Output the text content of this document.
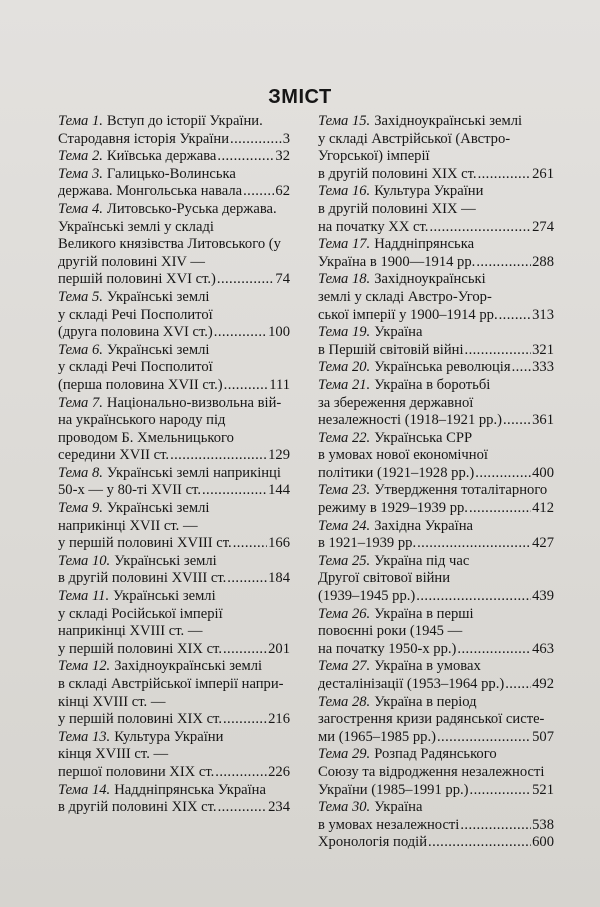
ЗМІСТ
Тема 1. Вступ до історії України.
Стародавня історія України .....	3
Тема 2. Київська держава .....	32
Тема 3. Галицько-Волинська
держава. Монгольська навала ..... 62
Тема 4. Литовсько-Руська держава.
Українські землі у складі
Великого князівства Литовського (у
другій половині XIV —
першій половині XVI ст.) .....	74
Тема 5. Українські землі
у складі Речі Посполитої
(друга половина XVI ст.) .....	100
Тема 6. Українські землі
у складі Речі Посполитої
(перша половина XVII ст.) .....	111
Тема 7. Національно-визвольна вій-
на українського народу під
проводом Б. Хмельницького
середини XVII ст. .....	129
Тема 8. Українські землі наприкінці
50-х — у 80-ті XVII ст. .....	144
Тема 9. Українські землі
наприкінці XVII ст. —
у першій половині XVIII ст. ..... 166
Тема 10. Українські землі
в другій половині XVIII ст. .....	184
Тема 11. Українські землі
у складі Російської імперії
наприкінці XVIII ст. —
у першій половині XIX ст. .....	201
Тема 12. Західноукраїнські землі
в складі Австрійської імперії напри-
кінці XVIII ст. —
у першій половині XIX ст. .....	216
Тема 13. Культура України
кінця XVIII ст. —
першої половини XIX ст. .....	226
Тема 14. Наддніпрянська Україна
в другій половині XIX ст. .....	234
Тема 15. Західноукраїнські землі
у складі Австрійської (Австро-
Угорської) імперії
в другій половині XIX ст. .....	261
Тема 16. Культура України
в другій половині XIX —
на початку XX ст. .....	274
Тема 17. Наддніпрянська
Україна в 1900—1914 рр. .....	288
Тема 18. Західноукраїнські
землі у складі Австро-Угор-
ської імперії у 1900–1914 рр. ..... 313
Тема 19. Україна
в Першій світовій війні .....	321
Тема 20. Українська революція ..... 333
Тема 21. Україна в боротьбі
за збереження державної
незалежності (1918–1921 рр.) ..... 361
Тема 22. Українська СРР
в умовах нової економічної
політики (1921–1928 рр.) .....	400
Тема 23. Утвердження тоталітарного
режиму в 1929–1939 рр. .....	412
Тема 24. Західна Україна
в 1921–1939 рр. .....	427
Тема 25. Україна під час
Другої світової війни
(1939–1945 рр.) .....	439
Тема 26. Україна в перші
повоєнні роки (1945 —
на початку 1950-х рр.) .....	463
Тема 27. Україна в умовах
десталінізації (1953–1964 рр.) ..... 492
Тема 28. Україна в період
загострення кризи радянської систе-
ми (1965–1985 рр.) .....	507
Тема 29. Розпад Радянського
Союзу та відродження незалежності
України (1985–1991 рр.) .....	521
Тема 30. Україна
в умовах незалежності .....	538
Хронологія подій .....	600
